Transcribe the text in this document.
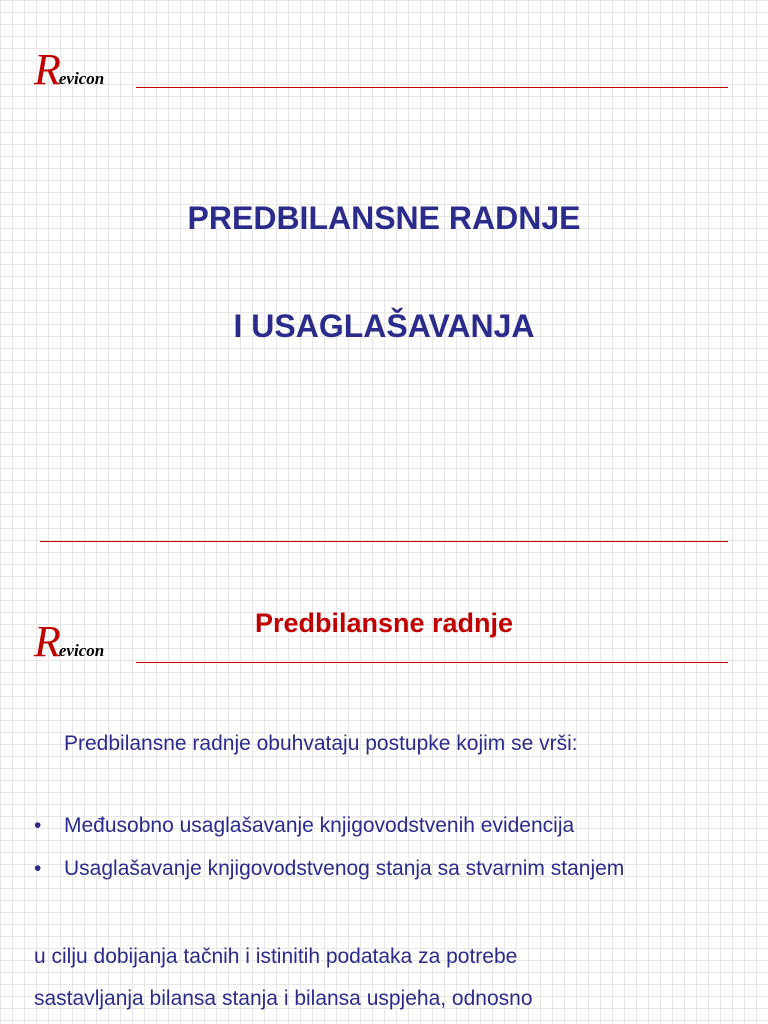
R
evicon
PREDBILANSNE RADNJE
I USAGLAŠAVANJA
Predbilansne radnje
R
evicon

Predbilansne radnje obuhvataju postupke kojim se vrši:

•	Međusobno usaglašavanje knjigovodstvenih evidencija
•	Usaglašavanje knjigovodstvenog stanja sa stvarnim stanjem

u cilju dobijanja tačnih i istinitih podataka za potrebe

sastavljanja bilansa stanja i bilansa uspjeha, odnosno
